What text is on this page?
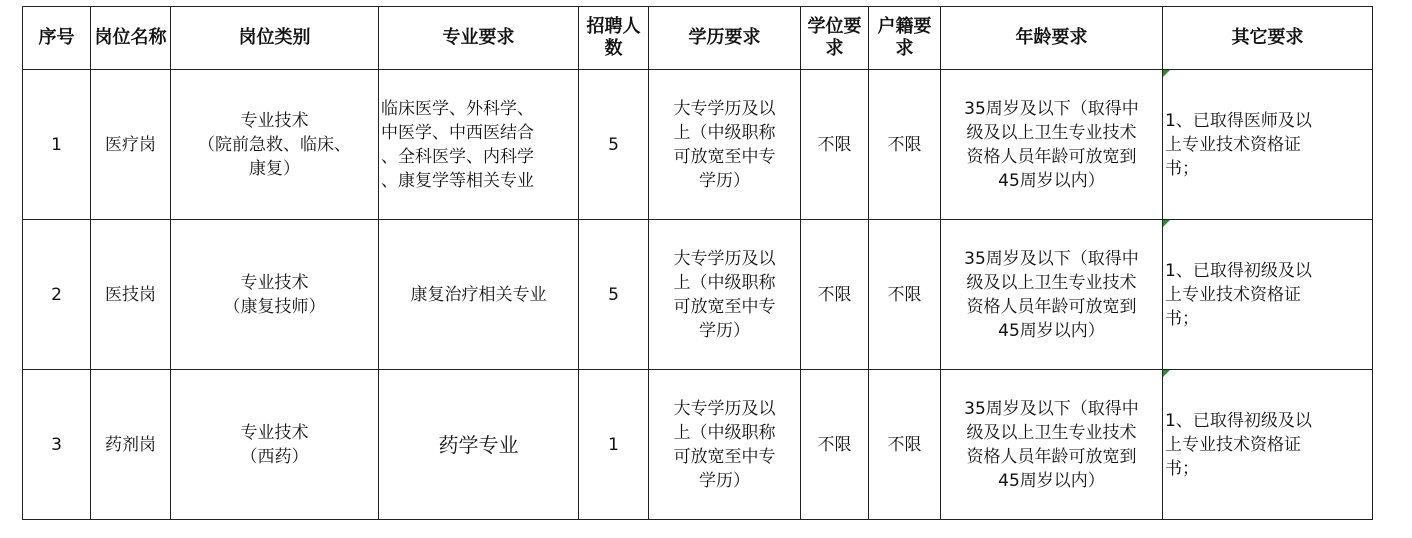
序号	岗位名称	岗位类别	专业要求	招聘人数	学历要求	学位要求	户籍要求	年龄要求	其它要求

1	医疗岗	专业技术
（院前急救、临床、
康复）	临床医学、外科学、
中医学、中西医结合
、全科医学、内科学
、康复学等相关专业	5	大专学历及以
上（中级职称
可放宽至中专
学历）	不限	不限	35周岁及以下（取得中
级及以上卫生专业技术
资格人员年龄可放宽到
45周岁以内）	1、已取得医师及以
上专业技术资格证
书；

2	医技岗	专业技术
（康复技师）	康复治疗相关专业	5	大专学历及以
上（中级职称
可放宽至中专
学历）	不限	不限	35周岁及以下（取得中
级及以上卫生专业技术
资格人员年龄可放宽到
45周岁以内）	1、已取得初级及以
上专业技术资格证
书；

3	药剂岗	专业技术
（西药）	药学专业	1	大专学历及以
上（中级职称
可放宽至中专
学历）	不限	不限	35周岁及以下（取得中
级及以上卫生专业技术
资格人员年龄可放宽到
45周岁以内）	1、已取得初级及以
上专业技术资格证
书；
